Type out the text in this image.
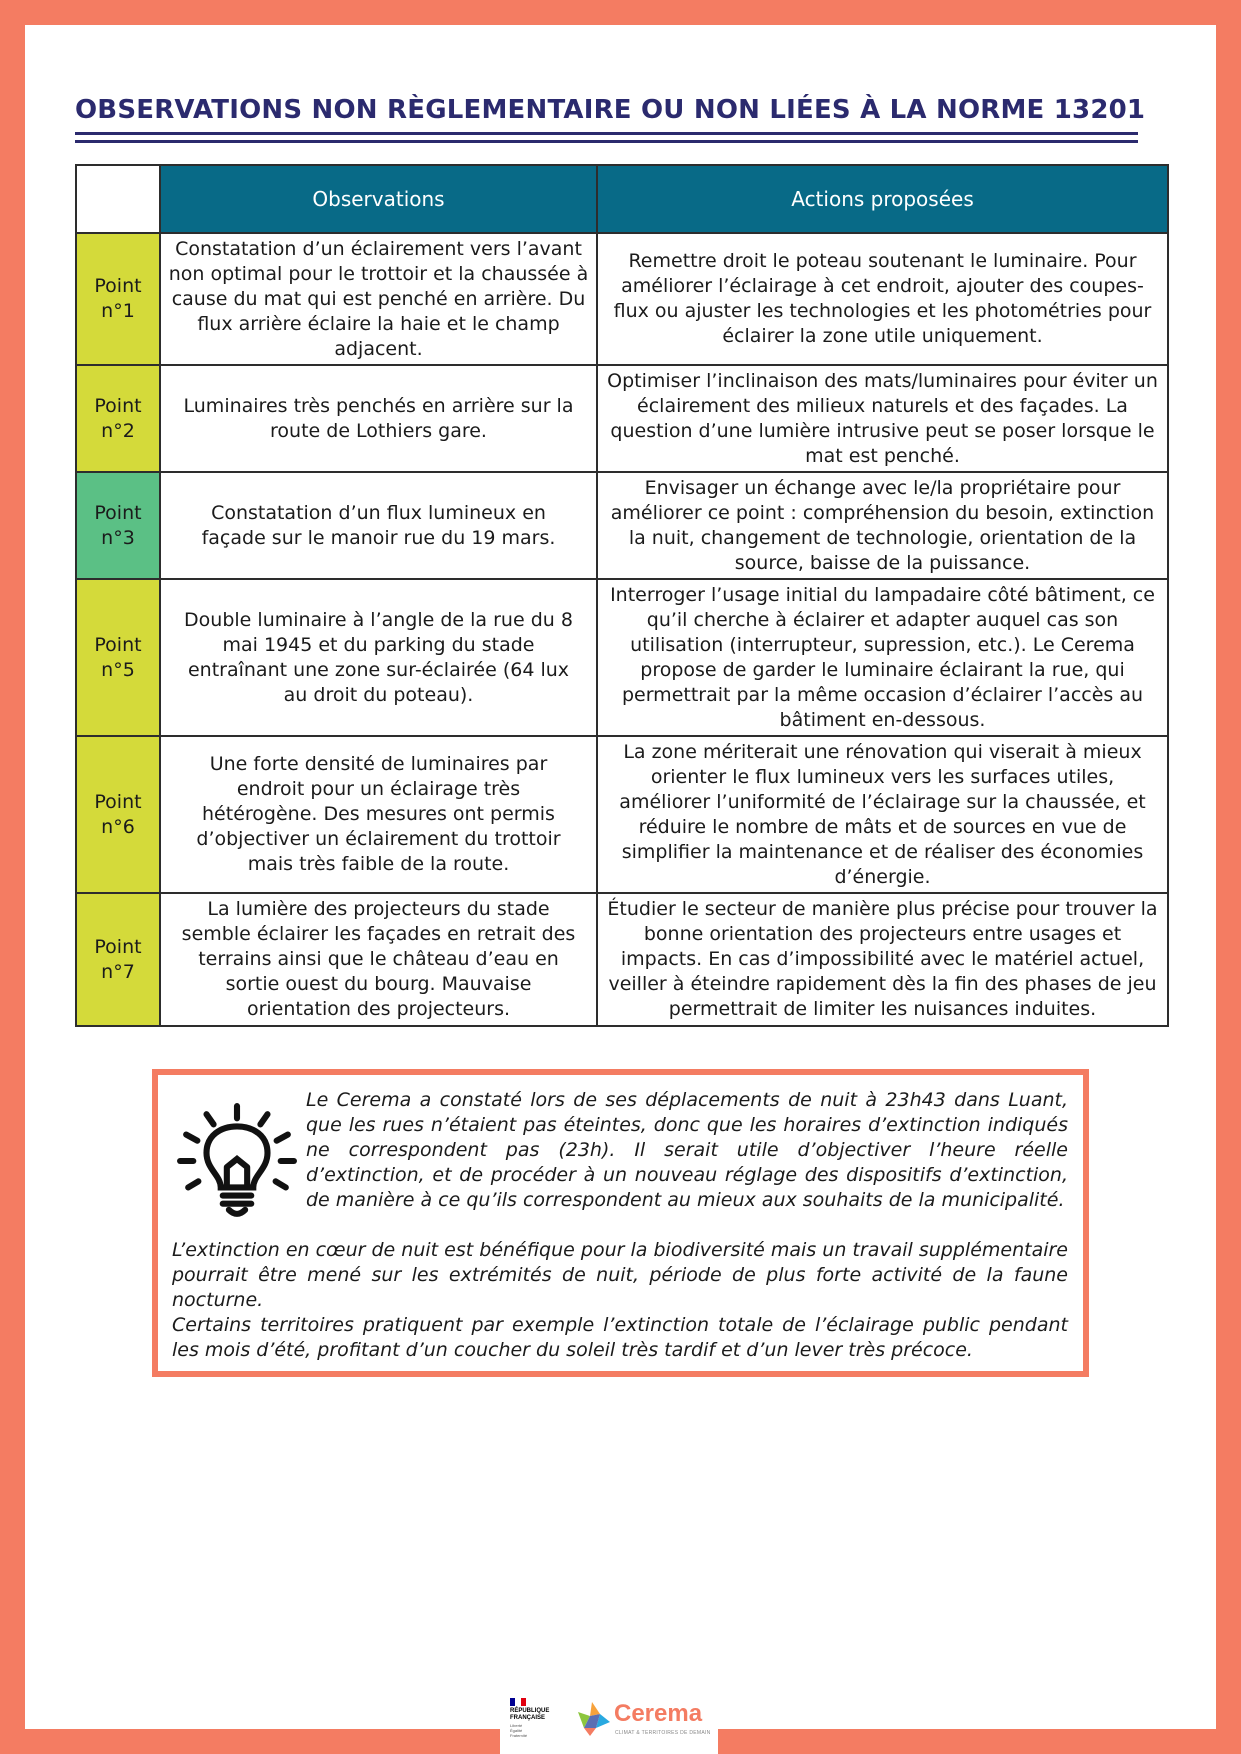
OBSERVATIONS NON RÈGLEMENTAIRE OU NON LIÉES À LA NORME 13201
	Observations	Actions proposées
Point n°1	Constatation d’un éclairement vers l’avant non optimal pour le trottoir et la chaussée à cause du mat qui est penché en arrière. Du flux arrière éclaire la haie et le champ adjacent.	Remettre droit le poteau soutenant le luminaire. Pour améliorer l’éclairage à cet endroit, ajouter des coupes-flux ou ajuster les technologies et les photométries pour éclairer la zone utile uniquement.
Point n°2	Luminaires très penchés en arrière sur la route de Lothiers gare.	Optimiser l’inclinaison des mats/luminaires pour éviter un éclairement des milieux naturels et des façades. La question d’une lumière intrusive peut se poser lorsque le mat est penché.
Point n°3	Constatation d’un flux lumineux en façade sur le manoir rue du 19 mars.	Envisager un échange avec le/la propriétaire pour améliorer ce point : compréhension du besoin, extinction la nuit, changement de technologie, orientation de la source, baisse de la puissance.
Point n°5	Double luminaire à l’angle de la rue du 8 mai 1945 et du parking du stade entraînant une zone sur-éclairée (64 lux au droit du poteau).	Interroger l’usage initial du lampadaire côté bâtiment, ce qu’il cherche à éclairer et adapter auquel cas son utilisation (interrupteur, supression, etc.). Le Cerema propose de garder le luminaire éclairant la rue, qui permettrait par la même occasion d’éclairer l’accès au bâtiment en-dessous.
Point n°6	Une forte densité de luminaires par endroit pour un éclairage très hétérogène. Des mesures ont permis d’objectiver un éclairement du trottoir mais très faible de la route.	La zone mériterait une rénovation qui viserait à mieux orienter le flux lumineux vers les surfaces utiles, améliorer l’uniformité de l’éclairage sur la chaussée, et réduire le nombre de mâts et de sources en vue de simplifier la maintenance et de réaliser des économies d’énergie.
Point n°7	La lumière des projecteurs du stade semble éclairer les façades en retrait des terrains ainsi que le château d’eau en sortie ouest du bourg. Mauvaise orientation des projecteurs.	Étudier le secteur de manière plus précise pour trouver la bonne orientation des projecteurs entre usages et impacts. En cas d’impossibilité avec le matériel actuel, veiller à éteindre rapidement dès la fin des phases de jeu permettrait de limiter les nuisances induites.

Le Cerema a constaté lors de ses déplacements de nuit à 23h43 dans Luant, que les rues n’étaient pas éteintes, donc que les horaires d’extinction indiqués ne correspondent pas (23h). Il serait utile d’objectiver l’heure réelle d’extinction, et de procéder à un nouveau réglage des dispositifs d’extinction, de manière à ce qu’ils correspondent au mieux aux souhaits de la municipalité.

L’extinction en cœur de nuit est bénéfique pour la biodiversité mais un travail supplémentaire pourrait être mené sur les extrémités de nuit, période de plus forte activité de la faune nocturne.
Certains territoires pratiquent par exemple l’extinction totale de l’éclairage public pendant les mois d’été, profitant d’un coucher du soleil très tardif et d’un lever très précoce.
RÉPUBLIQUE FRANÇAISE
Liberté Égalité Fraternité
Cerema
CLIMAT & TERRITOIRES DE DEMAIN
